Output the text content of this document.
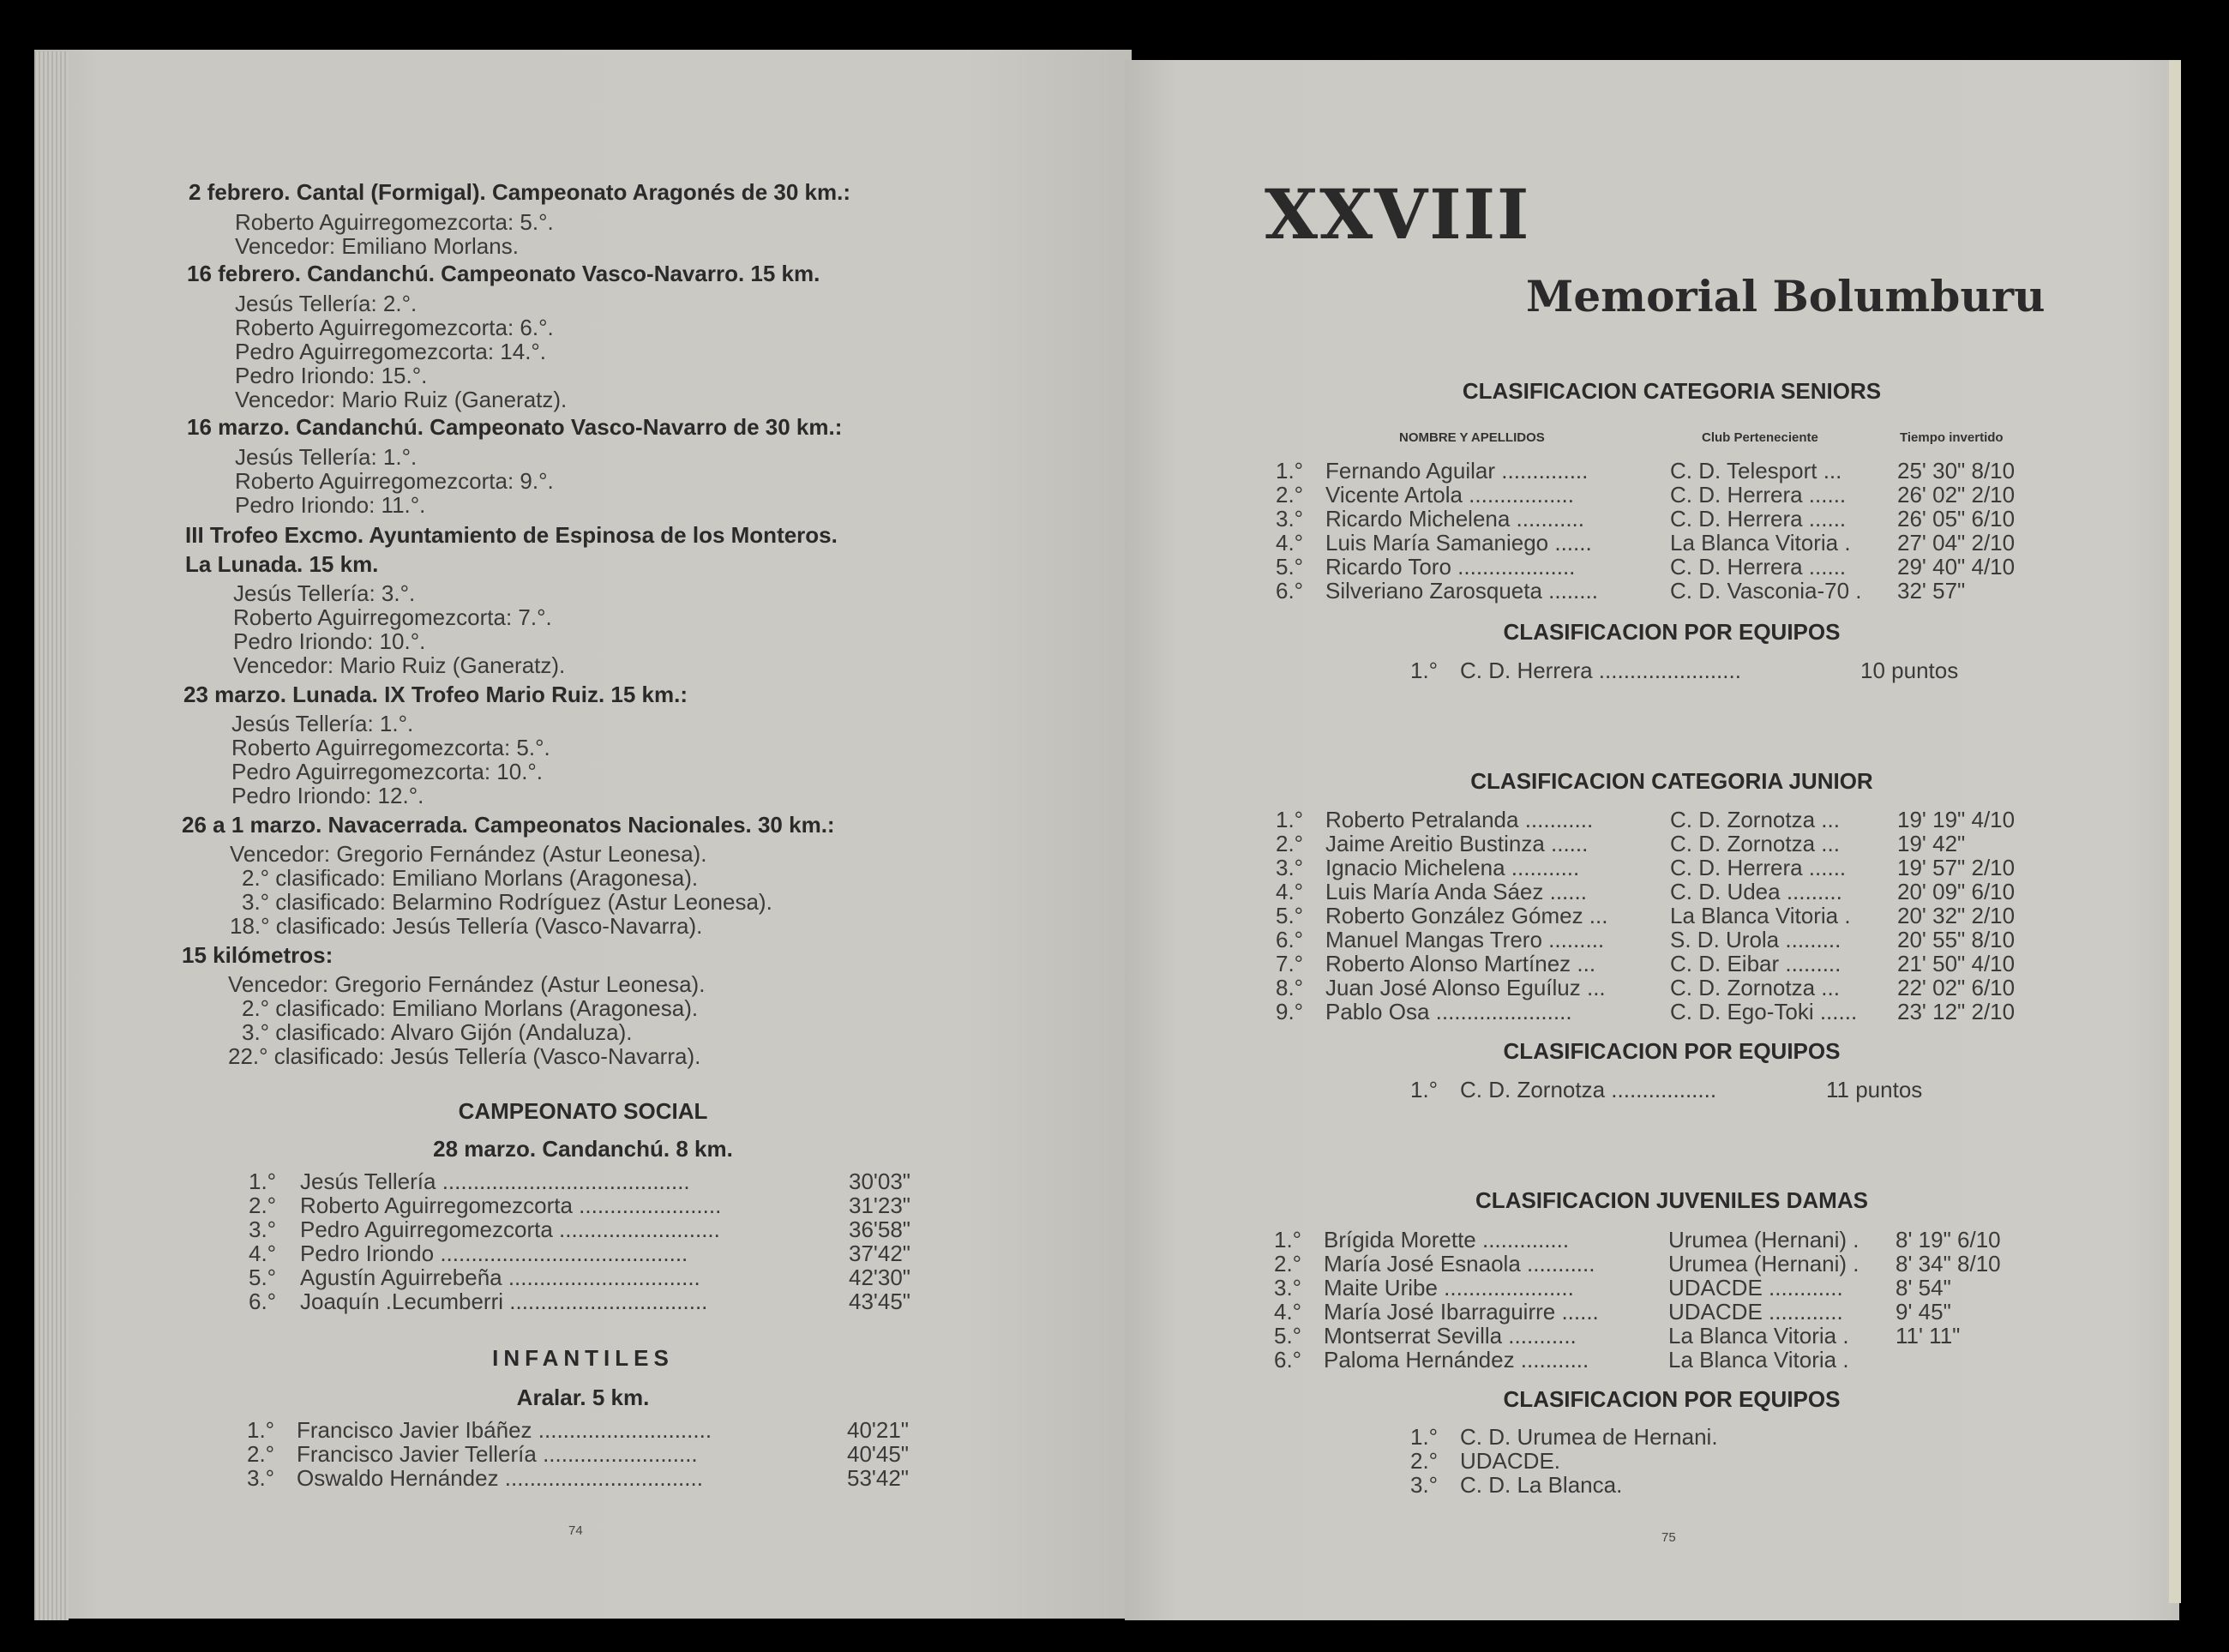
2 febrero. Cantal (Formigal). Campeonato Aragonés de 30 km.:
Roberto Aguirregomezcorta: 5.°.
Vencedor: Emiliano Morlans.
16 febrero. Candanchú. Campeonato Vasco-Navarro. 15 km.
Jesús Tellería: 2.°.
Roberto Aguirregomezcorta: 6.°.
Pedro Aguirregomezcorta: 14.°.
Pedro Iriondo: 15.°.
Vencedor: Mario Ruiz (Ganeratz).
16 marzo. Candanchú. Campeonato Vasco-Navarro de 30 km.:
Jesús Tellería: 1.°.
Roberto Aguirregomezcorta: 9.°.
Pedro Iriondo: 11.°.
III Trofeo Excmo. Ayuntamiento de Espinosa de los Monteros.
La Lunada. 15 km.
Jesús Tellería: 3.°.
Roberto Aguirregomezcorta: 7.°.
Pedro Iriondo: 10.°.
Vencedor: Mario Ruiz (Ganeratz).
23 marzo. Lunada. IX Trofeo Mario Ruiz. 15 km.:
Jesús Tellería: 1.°.
Roberto Aguirregomezcorta: 5.°.
Pedro Aguirregomezcorta: 10.°.
Pedro Iriondo: 12.°.
26 a 1 marzo. Navacerrada. Campeonatos Nacionales. 30 km.:
Vencedor: Gregorio Fernández (Astur Leonesa).
2.° clasificado: Emiliano Morlans (Aragonesa).
3.° clasificado: Belarmino Rodríguez (Astur Leonesa).
18.° clasificado: Jesús Tellería (Vasco-Navarra).
15 kilómetros:
Vencedor: Gregorio Fernández (Astur Leonesa).
2.° clasificado: Emiliano Morlans (Aragonesa).
3.° clasificado: Alvaro Gijón (Andaluza).
22.° clasificado: Jesús Tellería (Vasco-Navarra).
CAMPEONATO SOCIAL
28 marzo. Candanchú. 8 km.
1.° Jesús Tellería ........................................	30'03"
2.° Roberto Aguirregomezcorta .......................	31'23"
3.° Pedro Aguirregomezcorta ..........................	36'58"
4.° Pedro Iriondo ........................................	37'42"
5.° Agustín Aguirrebeña ...............................	42'30"
6.° Joaquín .Lecumberri ................................	43'45"
INFANTILES
Aralar. 5 km.
1.° Francisco Javier Ibáñez ............................	40'21"
2.° Francisco Javier Tellería .........................	40'45"
3.° Oswaldo Hernández ................................	53'42"
74
XXVIII
Memorial Bolumburu
CLASIFICACION CATEGORIA SENIORS
NOMBRE Y APELLIDOS	Club Perteneciente	Tiempo invertido
1.° Fernando Aguilar ..............	C. D. Telesport ... 25' 30" 8/10
2.° Vicente Artola .................	C. D. Herrera ...... 26' 02" 2/10
3.° Ricardo Michelena ...........	C. D. Herrera ...... 26' 05" 6/10
4.° Luis María Samaniego ......	La Blanca Vitoria . 27' 04" 2/10
5.° Ricardo Toro ...................	C. D. Herrera ...... 29' 40" 4/10
6.° Silveriano Zarosqueta ........	C. D. Vasconia-70 . 32' 57"
CLASIFICACION POR EQUIPOS
1.° C. D. Herrera .......................	10 puntos
CLASIFICACION CATEGORIA JUNIOR
1.° Roberto Petralanda ...........	C. D. Zornotza ...	19' 19" 4/10
2.° Jaime Areitio Bustinza ......	C. D. Zornotza ...	19' 42"
3.° Ignacio Michelena ...........	C. D. Herrera ...... 19' 57" 2/10
4.° Luis María Anda Sáez ......	C. D. Udea ......... 20' 09" 6/10
5.° Roberto González Gómez ...	La Blanca Vitoria . 20' 32" 2/10
6.° Manuel Mangas Trero .........	S. D. Urola .........	20' 55" 8/10
7.° Roberto Alonso Martínez ...	C. D. Eibar .........	21' 50" 4/10
8.° Juan José Alonso Eguíluz ...	C. D. Zornotza ...	22' 02" 6/10
9.° Pablo Osa ......................	C. D. Ego-Toki ...... 23' 12" 2/10
CLASIFICACION POR EQUIPOS
1.° C. D. Zornotza .................	11 puntos
CLASIFICACION JUVENILES DAMAS
1.° Brígida Morette ..............	Urumea (Hernani) . 8' 19" 6/10
2.° María José Esnaola ...........	Urumea (Hernani) . 8' 34" 8/10
3.° Maite Uribe .....................	UDACDE ............ 8' 54"
4.° María José Ibarraguirre ......	UDACDE ............ 9' 45"
5.° Montserrat Sevilla ...........	La Blanca Vitoria . 11' 11"
6.° Paloma Hernández ...........	La Blanca Vitoria .
CLASIFICACION POR EQUIPOS
1.° C. D. Urumea de Hernani.
2.° UDACDE.
3.° C. D. La Blanca.
75
